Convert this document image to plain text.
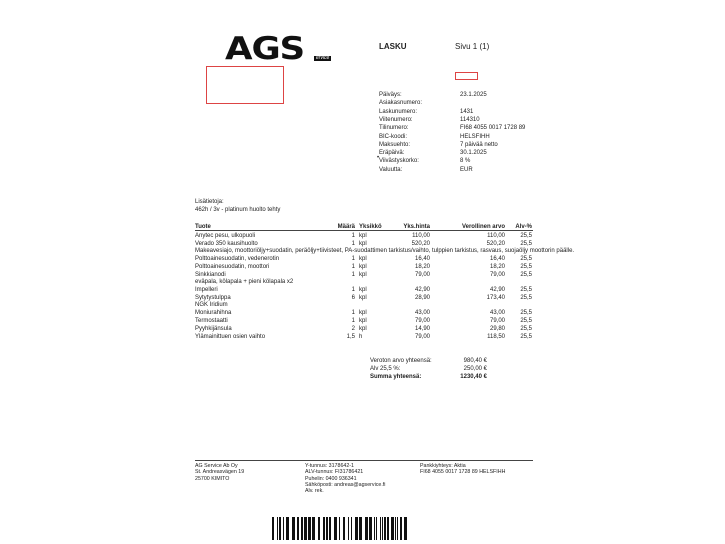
AGS	ervice
LASKU	Sivu 1 (1)
Päiväys:	23.1.2025
Asiakasnumero:
Laskunumero:	1431
Viitenumero:	114310
Tilinumero:	FI68 4055 0017 1728 89
BIC-koodi:	HELSFIHH
Maksuehto:	7 päivää netto
Eräpäivä:	30.1.2025
Viivästyskorko:	8 %
Valuutta:	EUR
•
Lisätietoja:
462h / 3v - platinum huolto tehty
Tuote	Määrä Yksikkö	Yks.hinta	Verollinen arvo Alv-%
Anytec pesu, ulkopuoli	1 kpl	110,00	110,00	25,5
Verado 350 kausihuolto	1 kpl	520,20	520,20	25,5
Makeavesiajo, moottoriöljy+suodatin, peräöljy+tiivisteet, PA-suodattimen tarkistus/vaihto, tulppien tarkistus, rasvaus, suojaöljy moottorin päälle.
Polttoainesuodatin, vedenerotin	1 kpl	16,40	16,40	25,5
Polttoainesuodatin, moottori	1 kpl	18,20	18,20	25,5
Sinkkianodi	1 kpl	79,00	79,00	25,5
eväpala, kölapala + pieni kölapala x2
Impelleri	1 kpl	42,90	42,90	25,5
Sytytystulppa	6 kpl	28,90	173,40	25,5
NGK Iridium
Moniurahihna	1 kpl	43,00	43,00	25,5
Termostaatti	1 kpl	79,00	79,00	25,5
Pyyhkijänsula	2 kpl	14,90	29,80	25,5
Ylämainittuen osien vaihto	1,5 h	79,00	118,50	25,5
Veroton arvo yhteensä:	980,40 €
Alv 25,5 %:	250,00 €
Summa yhteensä:	1230,40 €
AG Service Ab Oy
St. Andreasvägen 19
25700 KIMITO
Y-tunnus: 3178642-1
ALV-tunnus: FI31786421
Puhelin: 0400 936341
Sähköposti: andreas@agservice.fi
Alv. rek.
Pankkiyhteys: Aktia
FI68 4055 0017 1728 89 HELSFIHH
